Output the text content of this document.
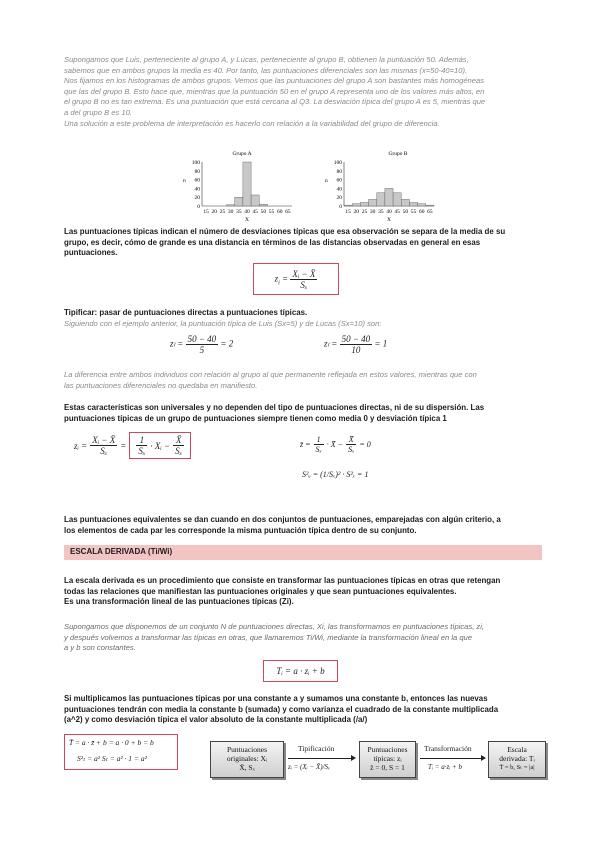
Supongamos que Luis, perteneciente al grupo A, y Lucas, perteneciente al grupo B, obtienen la puntuación 50. Además,
sabemos que en ambos grupos la media es 40. Por tanto, las puntuaciones diferenciales son las mismas (x=50-40=10).
Nos fijamos en los histogramas de ambos grupos. Vemos que las puntuaciones del grupo A son bastantes más homogéneas
que las del grupo B. Esto hace que, mientras que la puntuación 50 en el grupo A representa uno de los valores más altos, en
el grupo B no es tan extrema. Es una puntuación que está cercana al Q3. La desviación típica del grupo A es 5, mientras que
a del grupo B es 10.
Una solución a este problema de interpretación es hacerlo con relación a la variabilidad del grupo de diferencia.
Grupo A
n
100
80
60
40
20
0
15 20 25 30 35 40 45 50 55 60 65
X
Grupo B
n
100
80
60
40
20
0
15 20 25 30 35 40 45 50 55 60 65
X
Las puntuaciones típicas indican el número de desviaciones típicas que esa observación se separa de la media de su
grupo, es decir, cómo de grande es una distancia en términos de las distancias observadas en general en esas
puntuaciones.
$z_i = \frac{\text{Xᵢ − X̄}}{\text{Sₓ}}$
Tipificar: pasar de puntuaciones directas a puntuaciones típicas.
Siguiendo con el ejemplo anterior, la puntuación típica de Luis (Sx=5) y de Lucas (Sx=10) son:
$z_l = \frac{50 - 40}{5} = 2$	$z_l = \frac{50 - 40}{10} = 1$
La diferencia entre ambos individuos con relación al grupo al que permanente reflejada en estos valores, mientras que con
las puntuaciones diferenciales no quedaba en manifiesto.
Estas características son universales y no dependen del tipo de puntuaciones directas, ni de su dispersión. Las
puntuaciones típicas de un grupo de puntuaciones siempre tienen como media 0 y desviación típica 1
zᵢ = $\frac{\text{Xᵢ − X̄}}{\text{Sₓ}} = \frac{1}{\text{Sₓ}}$ · Xᵢ − $\frac{X̄}{\text{Sₓ}}$	z̄ = $\frac{1}{\text{Sₓ}}$ · X̄ − $\frac{X̄}{\text{Sₓ}} = 0$
S²ᵤ = (1/Sₓ)² · S²ₓ = 1
Las puntuaciones equivalentes se dan cuando en dos conjuntos de puntuaciones, emparejadas con algún criterio, a
los elementos de cada par les corresponde la misma puntuación típica dentro de su conjunto.
ESCALA DERIVADA (Ti/Wi)
La escala derivada es un procedimiento que consiste en transformar las puntuaciones típicas en otras que retengan
todas las relaciones que manifiestan las puntuaciones originales y que sean puntuaciones equivalentes.
Es una transformación lineal de las puntuaciones típicas (Zi).
Supongamos que disponemos de un conjunto N de puntuaciones directas, Xi, las transformamos en puntuaciones típicas, zi,
y después volvemos a transformar las típicas en otras, que llamaremos Ti/Wi, mediante la transformación lineal en la que
a y b son constantes.
Tᵢ = a · zᵢ + b
Si multiplicamos las puntuaciones típicas por una constante a y sumamos una constante b, entonces las nuevas
puntuaciones tendrán con media la constante b (sumada) y como varianza el cuadrado de la constante multiplicada
(a^2) y como desviación típica el valor absoluto de la constante multiplicada (/a/)
T̄ = a · z̄ + b = a · 0 + b = b
S²ₜ = a² Sₜ = a² · 1 = a²
Puntuaciones
originales: Xᵢ
X̄, Sₓ
Tipificación
zᵢ = (Xᵢ − X̄)/Sₓ
Puntuaciones
típicas: zᵢ
z̄ = 0, S = 1
Transformación
Tᵢ = a·zᵢ + b
Escala
derivada: Tᵢ
T̄ = b, Sₜ = |a|
